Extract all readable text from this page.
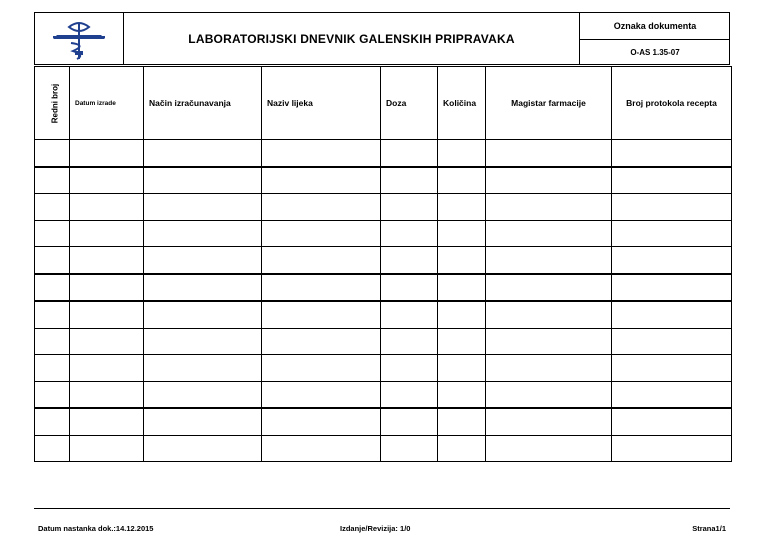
LABORATORIJSKI DNEVNIK GALENSKIH PRIPRAVAKA
Oznaka dokumenta
O-AS 1.35-07
Redni broj	Datum izrade	Način izračunavanja	Naziv lijeka	Doza	Količina	Magistar farmacije	Broj protokola recepta

Datum nastanka dok.:14.12.2015	Izdanje/Revizija: 1/0	Strana1/1
